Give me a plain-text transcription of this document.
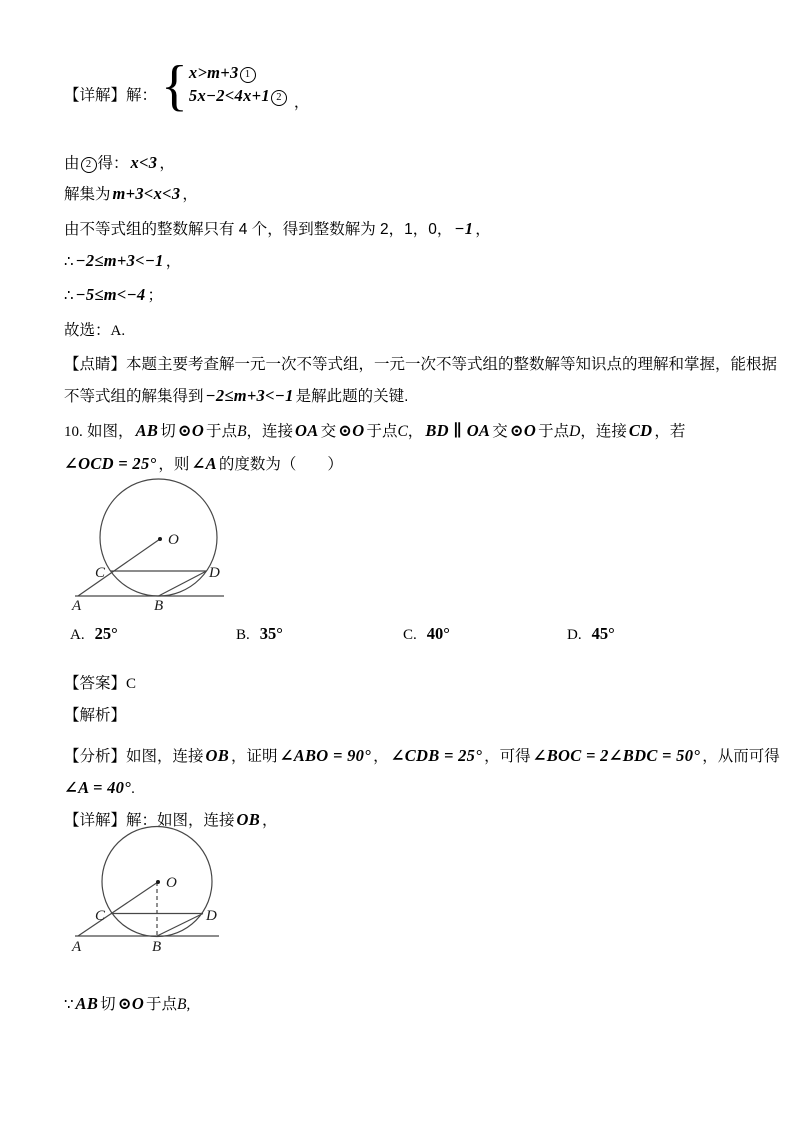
【详解】解： { x>m+3 1
5x−2<4x+1 2 ，

由 2 得： x<3 ，

解集为 m+3<x<3 ，

由不等式组的整数解只有 4 个，得到整数解为 2，1，0， −1 ，

∴ −2≤m+3<−1 ，

∴ −5≤m<−4 ；

故选：A.

【点睛】本题主要考查解一元一次不等式组，一元一次不等式组的整数解等知识点的理解和掌握，能根据

不等式组的解集得到 −2≤m+3<−1 是解此题的关键.

10. 如图， AB 切 ⊙O 于点B，连接 OA 交 ⊙O 于点C， BD ∥ OA 交 ⊙O 于点D，连接 CD ，若

∠OCD = 25° ，则 ∠A 的度数为（　　）

O
C	D
A	B
A. 25°	B. 35°	C. 40°	D. 45°

【答案】C

【解析】

【分析】如图，连接 OB ，证明 ∠ABO = 90° ， ∠CDB = 25° ，可得 ∠BOC = 2∠BDC = 50° ，从而可得

∠A = 40°.

【详解】解：如图，连接 OB ，

O
C	D
A	B

∵ AB 切 ⊙O 于点B,
